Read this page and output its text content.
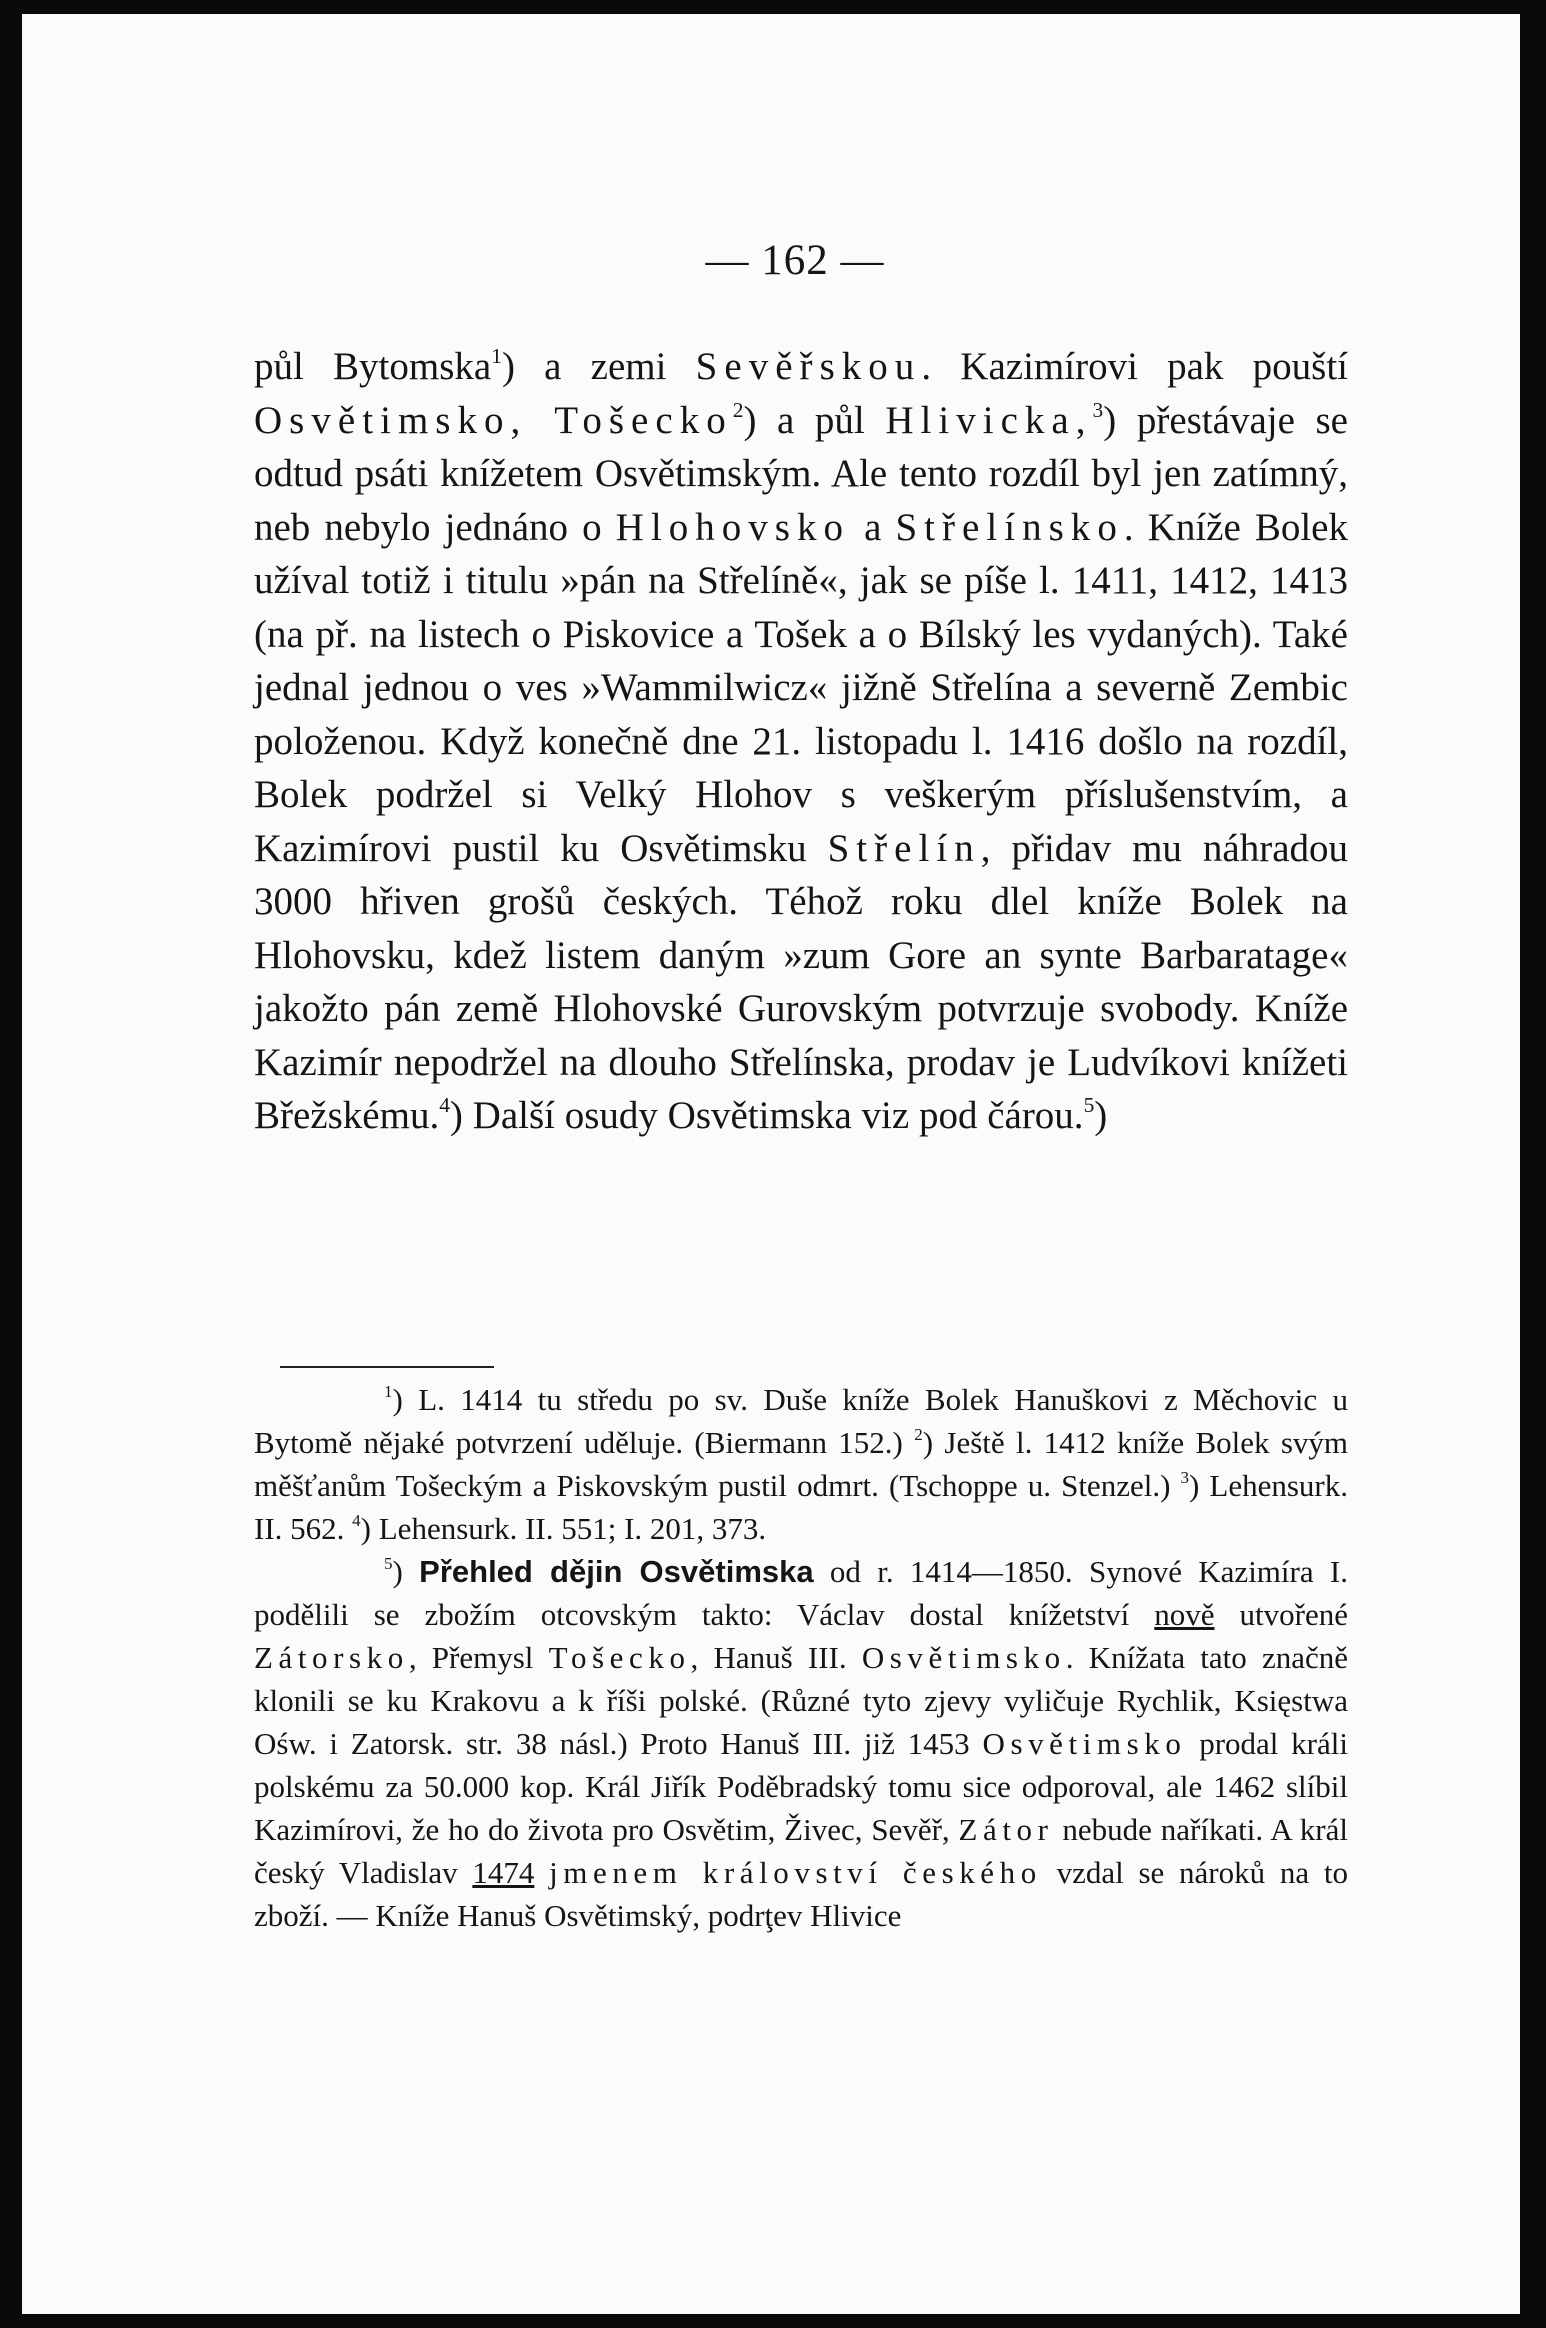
— 162 —

půl Bytomska$^1$) a zemi Sevěřskou. Kazimírovi pak pouští Osvětimsko, Tošecko$^2$) a půl Hlivicka,$^3$) přestávaje se odtud psáti knížetem Osvětimským. Ale tento rozdíl byl jen zatímný, neb nebylo jednáno o Hlohovsko a Střelínsko. Kníže Bolek užíval totiž i titulu »pán na Střelíně«, jak se píše l. 1411, 1412, 1413 (na př. na listech o Piskovice a Tošek a o Bílský les vydaných). Také jednal jednou o ves »Wammilwicz« jižně Střelína a severně Zembic položenou. Když konečně dne 21. listopadu l. 1416 došlo na rozdíl, Bolek podržel si Velký Hlohov s veškerým příslušenstvím, a Kazimírovi pustil ku Osvětimsku Střelín, přidav mu náhradou 3000 hřiven grošů českých. Téhož roku dlel kníže Bolek na Hlohovsku, kdež listem daným »zum Gore an synte Barbaratage« jakožto pán země Hlohovské Gurovským potvrzuje svobody. Kníže Kazimír nepodržel na dlouho Střelínska, prodav je Ludvíkovi knížeti Břežskému.$^4$) Další osudy Osvětimska viz pod čárou.$^5$)

$^1$) L. 1414 tu středu po sv. Duše kníže Bolek Hanuškovi z Měchovic u Bytomě nějaké potvrzení uděluje. (Biermann 152.) $^2$) Ještě l. 1412 kníže Bolek svým měšťanům Tošeckým a Piskovským pustil odmrt. (Tschoppe u. Stenzel.) $^3$) Lehensurk. II. 562. $^4$) Lehensurk. II. 551; I. 201, 373.

$^5$) Přehled dějin Osvětimska od r. 1414—1850. Synové Kazimíra I. podělili se zbožím otcovským takto: Václav dostal knížetství nově utvořené Zátorsko, Přemysl Tošecko, Hanuš III. Osvětimsko. Knížata tato značně klonili se ku Krakovu a k říši polské. (Různé tyto zjevy vyličuje Rychlik, Księstwa Ośw. i Zatorsk. str. 38 násl.) Proto Hanuš III. již 1453 Osvětimsko prodal králi polskému za 50.000 kop. Král Jiřík Poděbradský tomu sice odporoval, ale 1462 slíbil Kazimírovi, že ho do života pro Osvětim, Živec, Sevěř, Zátor nebude naříkati. A král český Vladislav 1474 jmenem království českého vzdal se nároků na to zboží. — Kníže Hanuš Osvětimský, podrţev Hlivice
